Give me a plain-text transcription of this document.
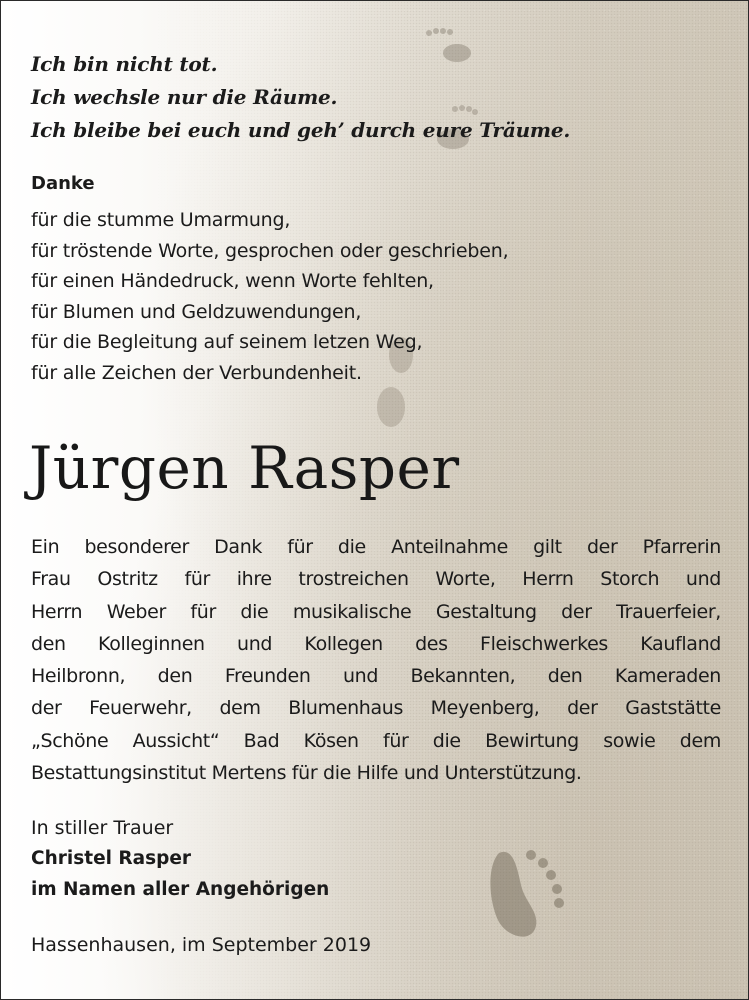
Ich bin nicht tot.
Ich wechsle nur die Räume.
Ich bleibe bei euch und geh’ durch eure Träume.
Danke
für die stumme Umarmung,
für tröstende Worte, gesprochen oder geschrieben,
für einen Händedruck, wenn Worte fehlten,
für Blumen und Geldzuwendungen,
für die Begleitung auf seinem letzen Weg,
für alle Zeichen der Verbundenheit.
Jürgen Rasper
Ein besonderer Dank für die Anteilnahme gilt der Pfarrerin
Frau Ostritz für ihre trostreichen Worte, Herrn Storch und
Herrn Weber für die musikalische Gestaltung der Trauerfeier,
den Kolleginnen und Kollegen des Fleischwerkes Kaufland
Heilbronn, den Freunden und Bekannten, den Kameraden
der Feuerwehr, dem Blumenhaus Meyenberg, der Gaststätte
„Schöne Aussicht“ Bad Kösen für die Bewirtung sowie dem
Bestattungsinstitut Mertens für die Hilfe und Unterstützung.
In stiller Trauer
Christel Rasper
im Namen aller Angehörigen
Hassenhausen, im September 2019
